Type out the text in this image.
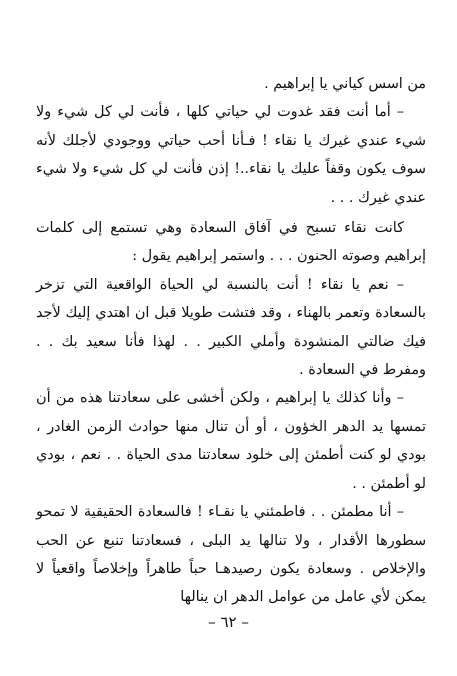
من اسس كياني يا إبراهيم .

– أما أنت فقد غدوت لي حياتي كلها ، فأنت لي كل شيء ولا شيء عندي غيرك يا نقاء ! فـأنا أحب حياتي ووجودي لأجلك لأنه سوف يكون وقفاً عليك يا نقاء..! إذن فأنت لي كل شيء ولا شيء عندي غيرك . . .

كانت نقاء تسبح في آفاق السعادة وهي تستمع إلى كلمات إبراهيم وصوته الحنون . . . واستمر إبراهيم يقول :

– نعم يا نقاء ! أنت بالنسبة لي الحياة الواقعية التي تزخر بالسعادة وتعمر بالهناء ، وقد فتشت طويلا قبل ان اهتدي إليك لأجد فيك ضالتي المنشودة وأملي الكبير . . لهذا فأنا سعيد بك . . ومفرط في السعادة .

– وأنا كذلك يا إبراهيم ، ولكن أخشى على سعادتنا هذه من أن تمسها يد الدهر الخؤون ، أو أن تنال منها حوادث الزمن الغادر ، بودي لو كنت أطمئن إلى خلود سعادتنا مدى الحياة . . نعم ، بودي لو أطمئن . .

– أنا مطمئن . . فاطمئني يا نقـاء ! فالسعادة الحقيقية لا تمحو سطورها الأقدار ، ولا تنالها يد البلى ، فسعادتنا تنبع عن الحب والإخلاص . وسعادة يكون رصيدهـا حباً طاهراً وإخلاصاً واقعياً لا يمكن لأي عامل من عوامل الدهر ان ينالها

– ٦٢ –
